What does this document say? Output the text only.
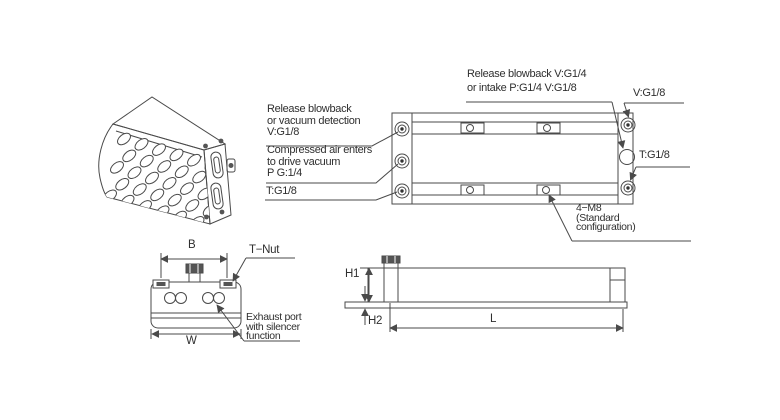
Release blowback
or vacuum detection
V:G1/8
Compressed air enters
to drive vacuum
P G:1/4
T:G1/8
Release blowback V:G1/4
or intake P:G1/4 V:G1/8	V:G1/8
T:G1/8
4−M8
(Standard
configuration)
B	T−Nut
W
Exhaust port
with silencer
function
H1
H2	L
